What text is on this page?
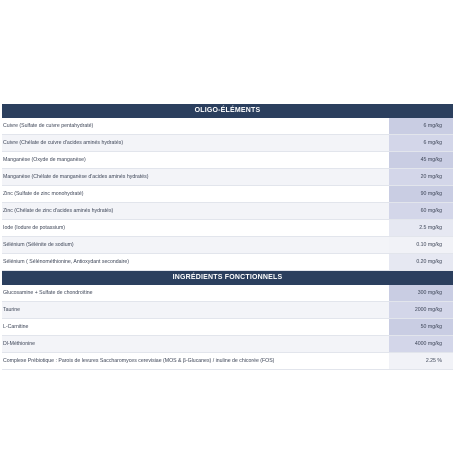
OLIGO-ÉLÉMENTS
Cuivre (Sulfate de cuivre pentahydraté)	6 mg/kg
Cuivre (Chélate de cuivre d'acides aminés hydratés)	6 mg/kg
Manganèse (Oxyde de manganèse)	45 mg/kg
Manganèse (Chélate de manganèse d'acides aminés hydratés)	20 mg/kg
Zinc (Sulfate de zinc monohydraté)	90 mg/kg
Zinc (Chélate de zinc d'acides aminés hydratés)	60 mg/kg
Iode (Iodure de potassium)	2.5 mg/kg
Sélénium (Sélénite de sodium)	0.10 mg/kg
Sélénium ( Sélénométhionine, Antioxydant secondaire)	0.20 mg/kg
INGRÉDIENTS FONCTIONNELS
Glucosamine + Sulfate de chondroïtine	300 mg/kg
Taurine	2000 mg/kg
L-Carnitine	50 mg/kg
Dl-Méthionine	4000 mg/kg
Complexe Prébiotique : Parois de levures Saccharomyces cerevisiae (MOS & β-Glucanes) / inuline de chicorée (FOS)	2.25 %
